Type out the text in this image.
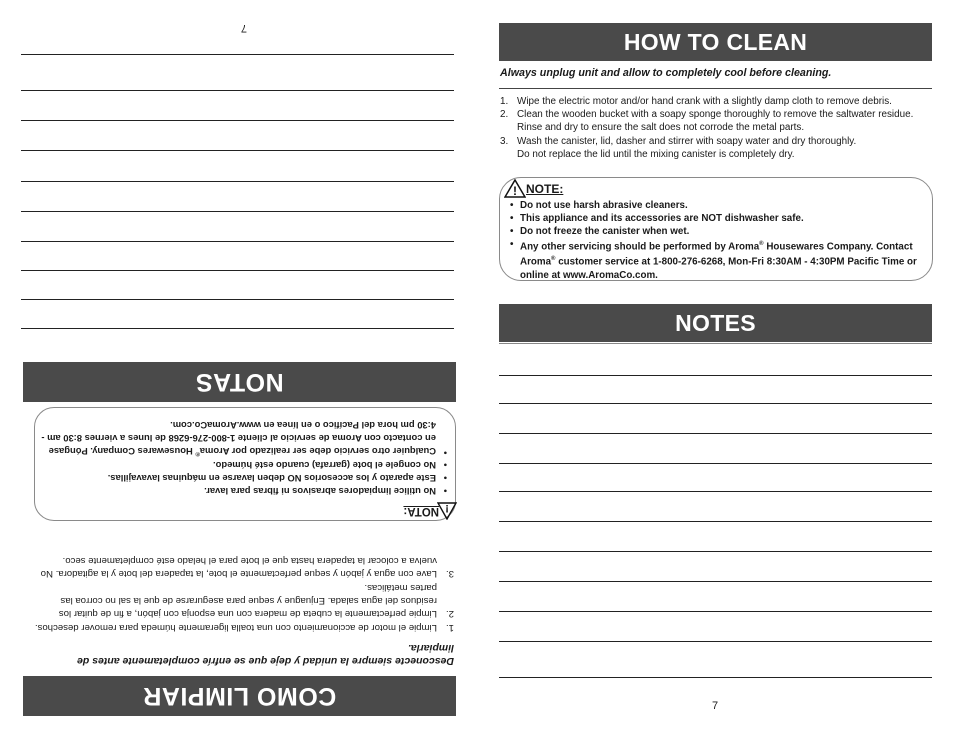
COMO LIMPIAR
Desconecte siempre la unidad y deje que se enfríe completamente antes de limpiarla.
1.
Limpie el motor de accionamiento con una toalla ligeramente húmeda para remover desechos.
2.
Limpie perfectamente la cubeta de madera con una esponja con jabón, a fin de quitar los residuos del agua salada. Enjuague y seque para asegurarse de que la sal no corroa las partes metálicas.
3.
Lave con agua y jabón y seque perfectamente el bote, la tapadera del bote y la agitadora. No vuelva a colocar la tapadera hasta que el bote para el helado esté completamente seco.
!
NOTA:
• No utilice limpiadores abrasivos ni fibras para lavar.
• Este aparato y los accesorios NO deben lavarse en máquinas lavavajillas.
• No congele el bote (garrafa) cuando esté húmedo.
• Cualquier otro servicio debe ser realizado por Aroma® Housewares Company. Póngase en contacto con Aroma de servicio al cliente 1-800-276-6268 de lunes a viernes 8:30 am - 4:30 pm hora del Pacífico o en línea en www.AromaCo.com.
NOTAS
7
HOW TO CLEAN
Always unplug unit and allow to completely cool before cleaning.
1. Wipe the electric motor and/or hand crank with a slightly damp cloth to remove debris.
2. Clean the wooden bucket with a soapy sponge thoroughly to remove the saltwater residue. Rinse and dry to ensure the salt does not corrode the metal parts.
3. Wash the canister, lid, dasher and stirrer with soapy water and dry thoroughly.
Do not replace the lid until the mixing canister is completely dry.
! NOTE:
• Do not use harsh abrasive cleaners.
• This appliance and its accessories are NOT dishwasher safe.
• Do not freeze the canister when wet.
• Any other servicing should be performed by Aroma® Housewares Company. Contact Aroma® customer service at 1-800-276-6268, Mon-Fri 8:30AM - 4:30PM Pacific Time or online at www.AromaCo.com.
NOTES
7
